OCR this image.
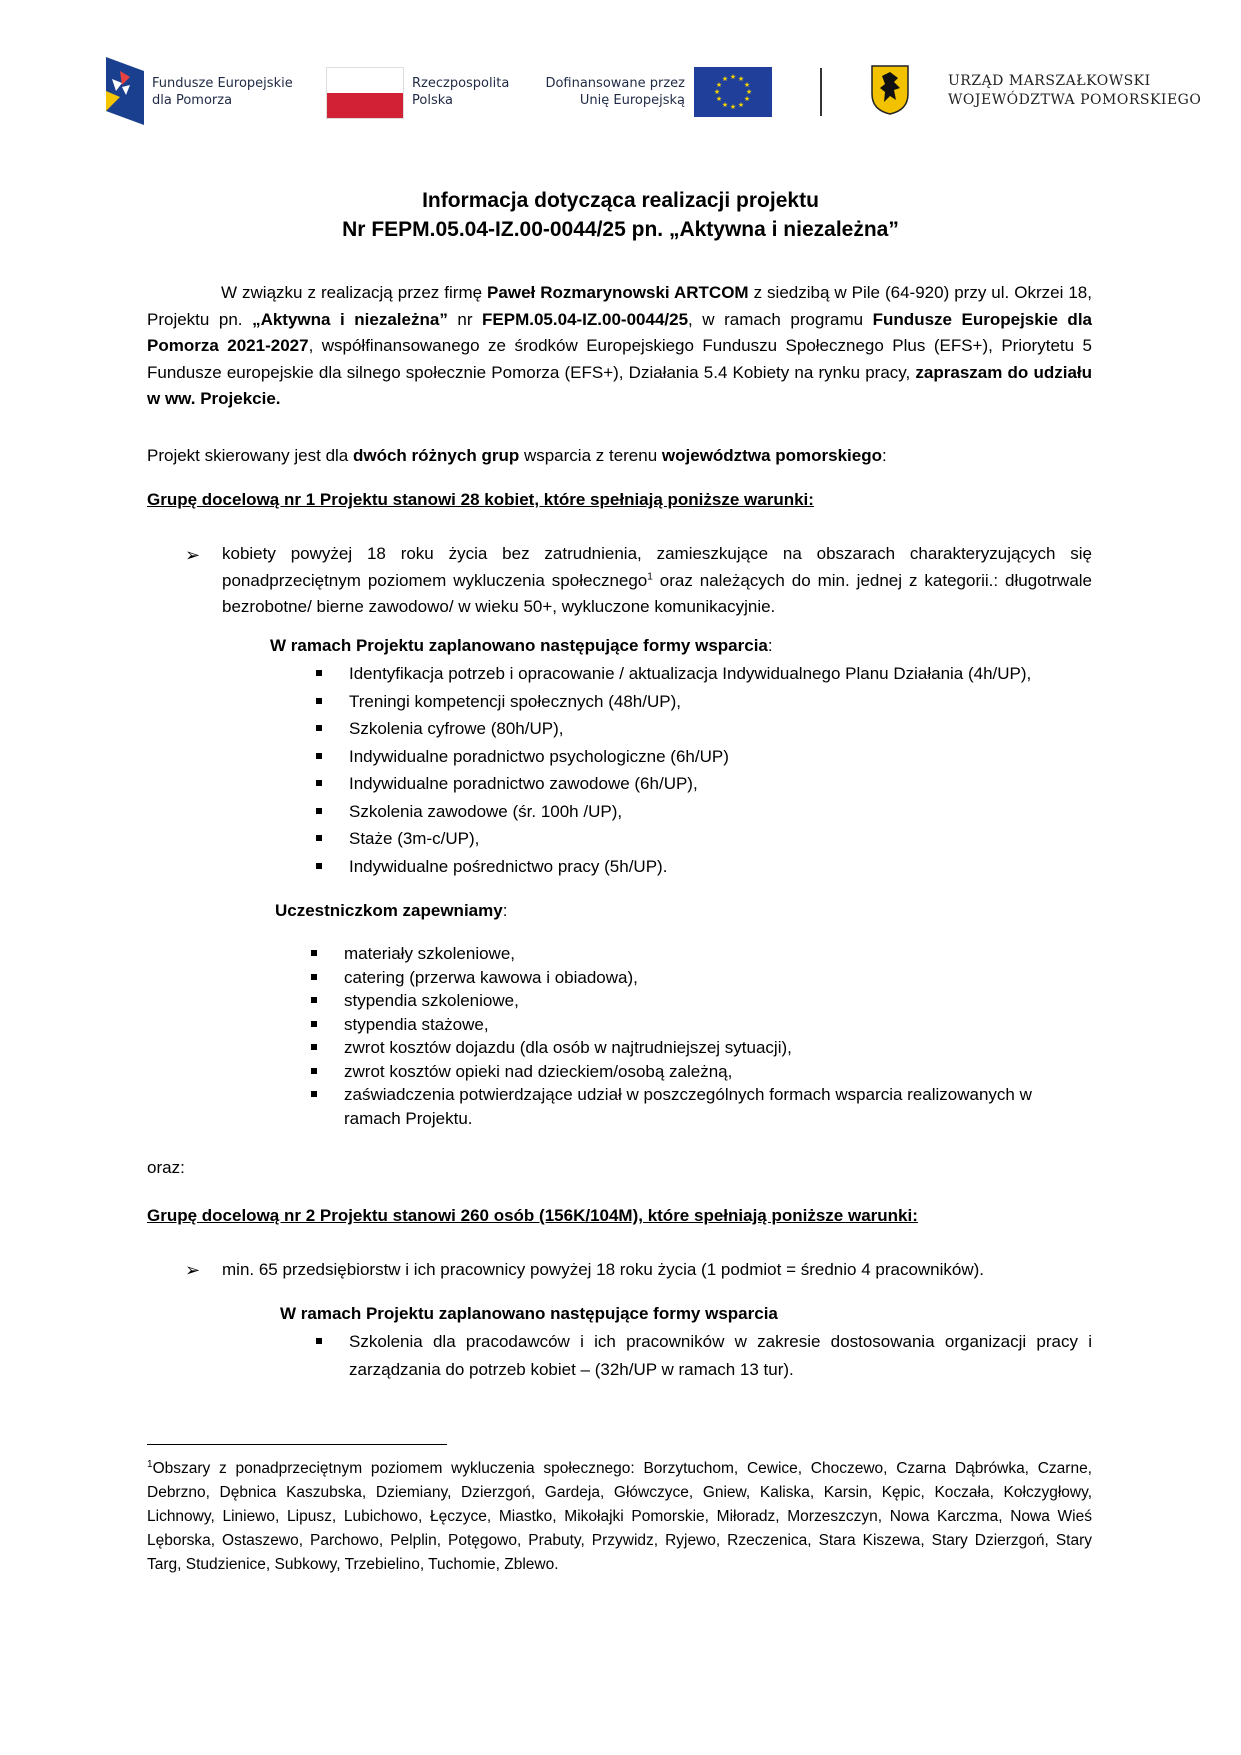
Fundusze Europejskie
dla Pomorza
Rzeczpospolita
Polska
Dofinansowane przez
Unię Europejską
★ ★
★
★
★
★
★
★
★
★
★
★	URZĄD MARSZAŁKOWSKI
WOJEWÓDZTWA POMORSKIEGO
Informacja dotycząca realizacji projektu
Nr FEPM.05.04-IZ.00-0044/25 pn. „Aktywna i niezależna”
W związku z realizacją przez firmę Paweł Rozmarynowski ARTCOM z siedzibą w Pile (64-920) przy ul. Okrzei 18, Projektu pn. „Aktywna i niezależna” nr FEPM.05.04-IZ.00-0044/25, w ramach programu Fundusze Europejskie dla Pomorza 2021-2027, współfinansowanego ze środków Europejskiego Funduszu Społecznego Plus (EFS+), Priorytetu 5 Fundusze europejskie dla silnego społecznie Pomorza (EFS+), Działania 5.4 Kobiety na rynku pracy, zapraszam do udziału w ww. Projekcie.
Projekt skierowany jest dla dwóch różnych grup wsparcia z terenu województwa pomorskiego:
Grupę docelową nr 1 Projektu stanowi 28 kobiet, które spełniają poniższe warunki:
➢ kobiety powyżej 18 roku życia bez zatrudnienia, zamieszkujące na obszarach charakteryzujących się ponadprzeciętnym poziomem wykluczenia społecznego$^1$ oraz należących do min. jednej z kategorii.: długotrwale bezrobotne/ bierne zawodowo/ w wieku 50+, wykluczone komunikacyjnie.
W ramach Projektu zaplanowano następujące formy wsparcia:
Identyfikacja potrzeb i opracowanie / aktualizacja Indywidualnego Planu Działania (4h/UP),
Treningi kompetencji społecznych (48h/UP),
Szkolenia cyfrowe (80h/UP),
Indywidualne poradnictwo psychologiczne (6h/UP)
Indywidualne poradnictwo zawodowe (6h/UP),
Szkolenia zawodowe (śr. 100h /UP),
Staże (3m-c/UP),
Indywidualne pośrednictwo pracy (5h/UP).
Uczestniczkom zapewniamy:
materiały szkoleniowe,
catering (przerwa kawowa i obiadowa),
stypendia szkoleniowe,
stypendia stażowe,
zwrot kosztów dojazdu (dla osób w najtrudniejszej sytuacji),
zwrot kosztów opieki nad dzieckiem/osobą zależną,
zaświadczenia potwierdzające udział w poszczególnych formach wsparcia realizowanych w ramach Projektu.
oraz:
Grupę docelową nr 2 Projektu stanowi 260 osób (156K/104M), które spełniają poniższe warunki:
➢ min. 65 przedsiębiorstw i ich pracownicy powyżej 18 roku życia (1 podmiot = średnio 4 pracowników).
W ramach Projektu zaplanowano następujące formy wsparcia
Szkolenia dla pracodawców i ich pracowników w zakresie dostosowania organizacji pracy i zarządzania do potrzeb kobiet – (32h/UP w ramach 13 tur).
$^1$Obszary z ponadprzeciętnym poziomem wykluczenia społecznego: Borzytuchom, Cewice, Choczewo, Czarna Dąbrówka, Czarne, Debrzno, Dębnica Kaszubska, Dziemiany, Dzierzgoń, Gardeja, Główczyce, Gniew, Kaliska, Karsin, Kępic, Koczała, Kołczygłowy, Lichnowy, Liniewo, Lipusz, Lubichowo, Łęczyce, Miastko, Mikołajki Pomorskie, Miłoradz, Morzeszczyn, Nowa Karczma, Nowa Wieś Lęborska, Ostaszewo, Parchowo, Pelplin, Potęgowo, Prabuty, Przywidz, Ryjewo, Rzeczenica, Stara Kiszewa, Stary Dzierzgoń, Stary Targ, Studzienice, Subkowy, Trzebielino, Tuchomie, Zblewo.
